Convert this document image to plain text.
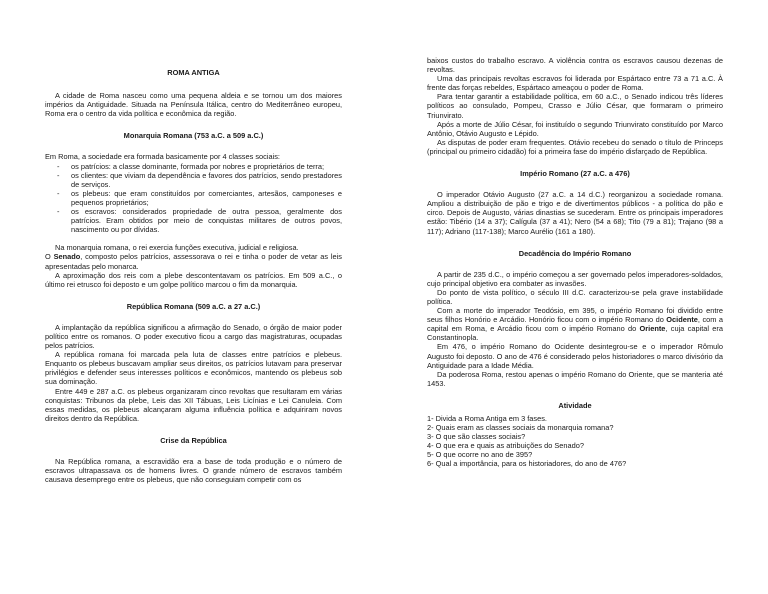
ROMA ANTIGA

A cidade de Roma nasceu como uma pequena aldeia e se tornou um dos maiores impérios da Antiguidade. Situada na Península Itálica, centro do Mediterrâneo europeu, Roma era o centro da vida política e econômica da região.

Monarquia Romana (753 a.C. a 509 a.C.)

Em Roma, a sociedade era formada basicamente por 4 classes sociais:

- os patrícios: a classe dominante, formada por nobres e proprietários de terra;
- os clientes: que viviam da dependência e favores dos patrícios, sendo prestadores de serviços.
- os plebeus: que eram constituídos por comerciantes, artesãos, camponeses e pequenos proprietários;
- os escravos: considerados propriedade de outra pessoa, geralmente dos patrícios. Eram obtidos por meio de conquistas militares de outros povos, nascimento ou por dívidas.

Na monarquia romana, o rei exercia funções executiva, judicial e religiosa.

O Senado, composto pelos patrícios, assessorava o rei e tinha o poder de vetar as leis apresentadas pelo monarca.

A aproximação dos reis com a plebe descontentavam os patrícios. Em 509 a.C., o último rei etrusco foi deposto e um golpe político marcou o fim da monarquia.

República Romana (509 a.C. a 27 a.C.)

A implantação da república significou a afirmação do Senado, o órgão de maior poder político entre os romanos. O poder executivo ficou a cargo das magistraturas, ocupadas pelos patrícios.

A república romana foi marcada pela luta de classes entre patrícios e plebeus. Enquanto os plebeus buscavam ampliar seus direitos, os patrícios lutavam para preservar privilégios e defender seus interesses políticos e econômicos, mantendo os plebeus sob sua dominação.

Entre 449 e 287 a.C. os plebeus organizaram cinco revoltas que resultaram em várias conquistas: Tribunos da plebe, Leis das XII Tábuas, Leis Licínias e Lei Canuleia. Com essas medidas, os plebeus alcançaram alguma influência política e adquiriram novos direitos dentro da República.

Crise da República

Na República romana, a escravidão era a base de toda produção e o número de escravos ultrapassava os de homens livres. O grande número de escravos também causava desemprego entre os plebeus, que não conseguiam competir com os

baixos custos do trabalho escravo. A violência contra os escravos causou dezenas de revoltas.

Uma das principais revoltas escravos foi liderada por Espártaco entre 73 a 71 a.C. À frente das forças rebeldes, Espártaco ameaçou o poder de Roma.

Para tentar garantir a estabilidade política, em 60 a.C., o Senado indicou três líderes políticos ao consulado, Pompeu, Crasso e Júlio César, que formaram o primeiro Triunvirato.

Após a morte de Júlio César, foi instituído o segundo Triunvirato constituído por Marco Antônio, Otávio Augusto e Lépido.

As disputas de poder eram frequentes. Otávio recebeu do senado o título de Princeps (principal ou primeiro cidadão) foi a primeira fase do império disfarçado de República.

Império Romano (27 a.C. a 476)

O imperador Otávio Augusto (27 a.C. a 14 d.C.) reorganizou a sociedade romana. Ampliou a distribuição de pão e trigo e de divertimentos públicos - a política do pão e circo. Depois de Augusto, várias dinastias se sucederam. Entre os principais imperadores estão: Tibério (14 a 37); Calígula (37 a 41); Nero (54 a 68); Tito (79 a 81); Trajano (98 a 117); Adriano (117-138); Marco Aurélio (161 a 180).

Decadência do Império Romano

A partir de 235 d.C., o império começou a ser governado pelos imperadores-soldados, cujo principal objetivo era combater as invasões.

Do ponto de vista político, o século III d.C. caracterizou-se pela grave instabilidade política.

Com a morte do imperador Teodósio, em 395, o império Romano foi dividido entre seus filhos Honório e Arcádio. Honório ficou com o império Romano do Ocidente, com a capital em Roma, e Arcádio ficou com o império Romano do Oriente, cuja capital era Constantinopla.

Em 476, o império Romano do Ocidente desintegrou-se e o imperador Rômulo Augusto foi deposto. O ano de 476 é considerado pelos historiadores o marco divisório da Antiguidade para a Idade Média.

Da poderosa Roma, restou apenas o império Romano do Oriente, que se manteria até 1453.

Atividade

1- Divida a Roma Antiga em 3 fases.

2- Quais eram as classes sociais da monarquia romana?

3- O que são classes sociais?

4- O que era e quais as atribuições do Senado?

5- O que ocorre no ano de 395?

6- Qual a importância, para os historiadores, do ano de 476?
